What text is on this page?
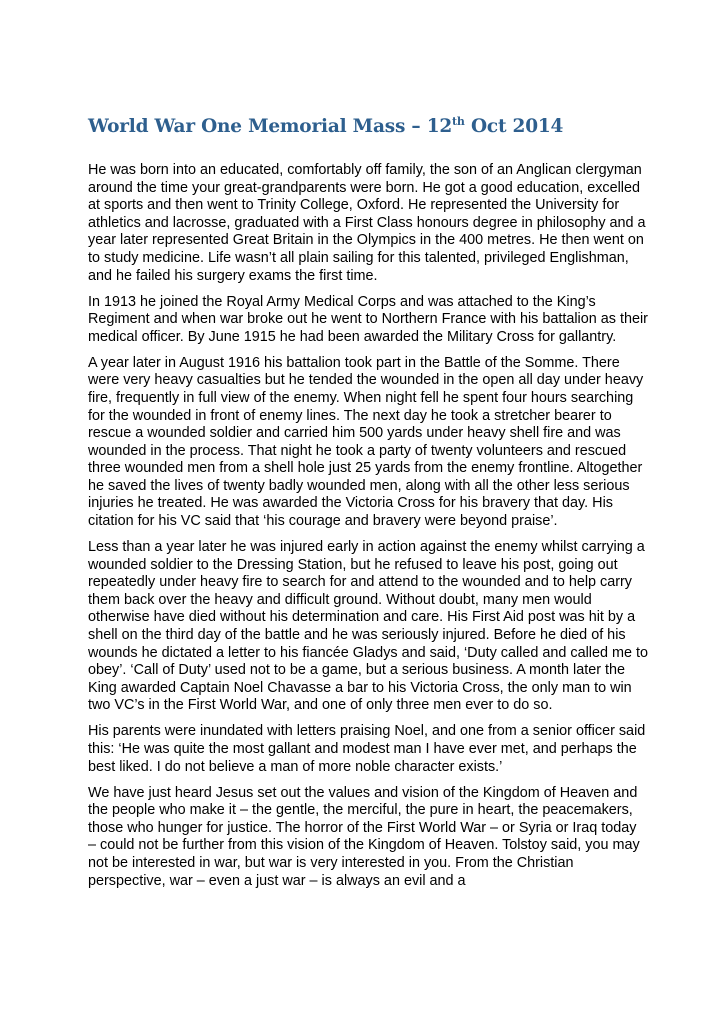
World War One Memorial Mass – 12th Oct 2014

He was born into an educated, comfortably off family, the son of an Anglican clergyman around the time your great-grandparents were born. He got a good education, excelled at sports and then went to Trinity College, Oxford. He represented the University for athletics and lacrosse, graduated with a First Class honours degree in philosophy and a year later represented Great Britain in the Olympics in the 400 metres. He then went on to study medicine. Life wasn’t all plain sailing for this talented, privileged Englishman, and he failed his surgery exams the first time.

In 1913 he joined the Royal Army Medical Corps and was attached to the King’s Regiment and when war broke out he went to Northern France with his battalion as their medical officer. By June 1915 he had been awarded the Military Cross for gallantry.

A year later in August 1916 his battalion took part in the Battle of the Somme. There were very heavy casualties but he tended the wounded in the open all day under heavy fire, frequently in full view of the enemy. When night fell he spent four hours searching for the wounded in front of enemy lines. The next day he took a stretcher bearer to rescue a wounded soldier and carried him 500 yards under heavy shell fire and was wounded in the process. That night he took a party of twenty volunteers and rescued three wounded men from a shell hole just 25 yards from the enemy frontline. Altogether he saved the lives of twenty badly wounded men, along with all the other less serious injuries he treated. He was awarded the Victoria Cross for his bravery that day. His citation for his VC said that ‘his courage and bravery were beyond praise’.

Less than a year later he was injured early in action against the enemy whilst carrying a wounded soldier to the Dressing Station, but he refused to leave his post, going out repeatedly under heavy fire to search for and attend to the wounded and to help carry them back over the heavy and difficult ground. Without doubt, many men would otherwise have died without his determination and care. His First Aid post was hit by a shell on the third day of the battle and he was seriously injured. Before he died of his wounds he dictated a letter to his fiancée Gladys and said, ‘Duty called and called me to obey’. ‘Call of Duty’ used not to be a game, but a serious business. A month later the King awarded Captain Noel Chavasse a bar to his Victoria Cross, the only man to win two VC’s in the First World War, and one of only three men ever to do so.

His parents were inundated with letters praising Noel, and one from a senior officer said this: ‘He was quite the most gallant and modest man I have ever met, and perhaps the best liked. I do not believe a man of more noble character exists.’

We have just heard Jesus set out the values and vision of the Kingdom of Heaven and the people who make it – the gentle, the merciful, the pure in heart, the peacemakers, those who hunger for justice. The horror of the First World War – or Syria or Iraq today – could not be further from this vision of the Kingdom of Heaven. Tolstoy said, you may not be interested in war, but war is very interested in you. From the Christian perspective, war – even a just war – is always an evil and a
